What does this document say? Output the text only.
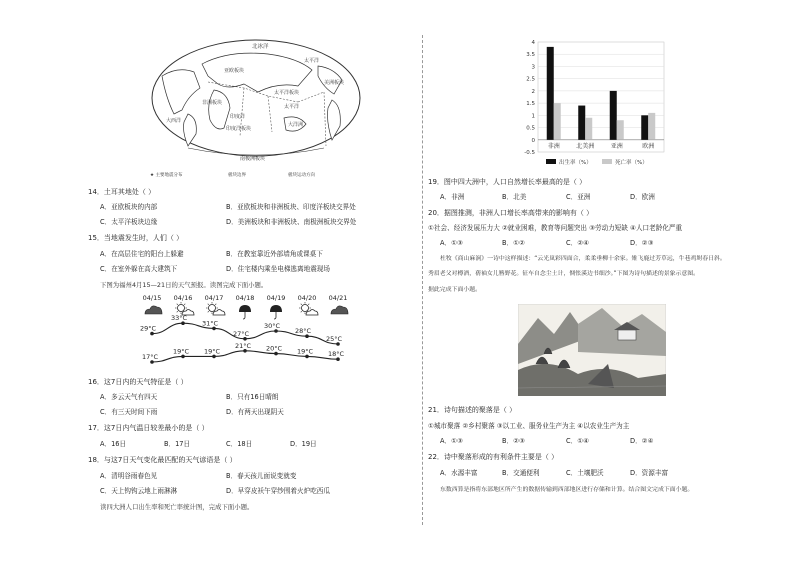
北冰洋
亚欧板块
太平洋板块
太平洋
大西洋
印度洋
印度洋板块
南极洲板块
大洋洲
非洲板块
美洲板块
太平洋
★ 主要地震分布	板块边界	板块运动方向
14．土耳其地处（ ）
A．亚欧板块的内部	B．亚欧板块和非洲板块、印度洋板块交界处
C．太平洋板块边缘	D．美洲板块和非洲板块、南极洲板块交界处
15．当地震发生时，人们（ ）
A．在高层住宅的阳台上躲避	B．在教室靠近外部墙角或课桌下
C．在室外躲在高大建筑下	D．住宅楼内乘坐电梯逃离地震现场
下图为福州4月15—21日的天气预报。读图完成下面小题。
04/15
29°C
17°C
04/16
33°C
19°C
04/17
31°C
19°C
04/18
27°C
21°C
04/19
30°C
20°C
04/20
28°C
19°C
04/21
25°C
18°C
16．这7日内的天气特征是（ ）
A．多云天气有四天	B．只有16日晴朗
C．有三天时间下雨	D．有两天出现阴天
17．这7日内气温日较差最小的是（ ）
A．16日	B．17日	C．18日	D．19日
18．与这7日天气变化最匹配的天气谚语是（ ）
A．清明谷雨春色见	B．春天孩儿面说变就变
C．天上钩钩云地上雨淋淋	D．早穿皮袄午穿纱围着火炉吃西瓜
读四大洲人口出生率和死亡率统计图，完成下面小题。
4
3.5
3
2.5
2
1.5
1
0.5
0
-0.5
非洲	北美洲	亚洲	欧洲
出生率（%）	死亡率（%）
19．图中四大洲中，人口自然增长率最高的是（ ）
A．非洲	B．北美	C．亚洲	D．欧洲
20．据图推测，非洲人口增长率高带来的影响有（ ）
①社会、经济发展压力大 ②就业困难，教育等问题突出 ③劳动力短缺 ④人口老龄化严重
A．①③	B．①②	C．②④	D．②③
杜牧《商山麻涧》一诗中这样描述：“云光岚彩四面合，柔柔垂柳十余家。雉飞鹿过芳草远，牛巷鸡埘春日斜。
秀眉老父对樽酒，蒨袖女儿簪野花。征车自念尘土计，惆怅溪边书细沙。”下图为诗句描述的景象示意图。
据此完成下面小题。
21．诗句描述的聚落是（ ）
①城市聚落 ②乡村聚落 ③以工业、服务业生产为主 ④以农业生产为主
A．①③	B．②③	C．①④	D．②④
22．诗中聚落形成的有利条件主要是（ ）
A．水源丰富	B．交通便利	C．土壤肥沃	D．资源丰富
东数西算是指将东部地区所产生的数据传输到西部地区进行存储和计算。结合图文完成下面小题。
